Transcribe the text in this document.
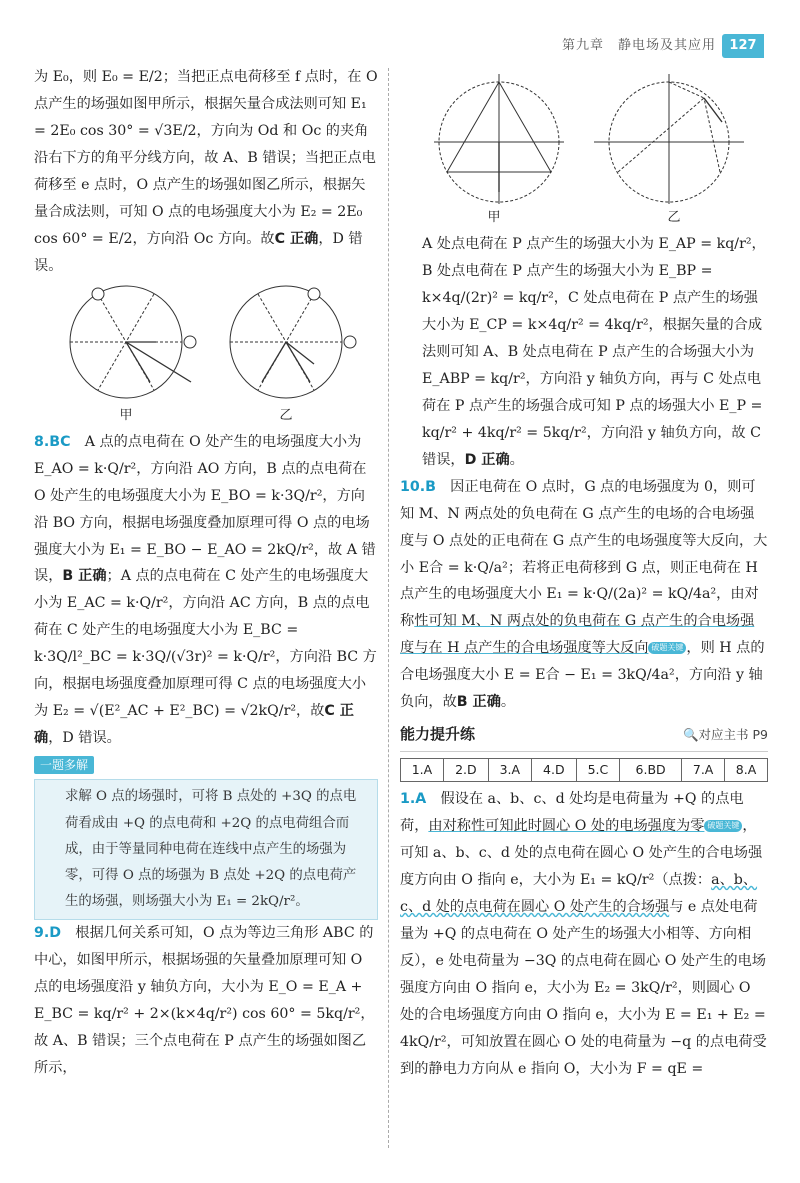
第九章　静电场及其应用	127

为 E₀，则 E₀ = E/2；当把正点电荷移至 f 点时，在 O 点产生的场强如图甲所示，根据矢量合成法则可知 E₁ = 2E₀ cos 30° = √3E/2，方向为 Od 和 Oc 的夹角沿右下方的角平分线方向，故 A、B 错误；当把正点电荷移至 e 点时，O 点产生的场强如图乙所示，根据矢量合成法则，可知 O 点的电场强度大小为 E₂ = 2E₀ cos 60° = E/2，方向沿 Oc 方向。故C 正确，D 错误。

甲	乙

8.BC　 A 点的点电荷在 O 处产生的电场强度大小为 E_AO = k·Q/r²，方向沿 AO 方向，B 点的点电荷在 O 处产生的电场强度大小为 E_BO = k·3Q/r²，方向沿 BO 方向，根据电场强度叠加原理可得 O 点的电场强度大小为 E₁ = E_BO − E_AO = 2kQ/r²，故 A 错误，B 正确；A 点的点电荷在 C 处产生的电场强度大小为 E_AC = k·Q/r²，方向沿 AC 方向，B 点的点电荷在 C 处产生的电场强度大小为 E_BC = k·3Q/l²_BC = k·3Q/(√3r)² = k·Q/r²，方向沿 BC 方向，根据电场强度叠加原理可得 C 点的电场强度大小为 E₂ = √(E²_AC + E²_BC) = √2kQ/r²，故C 正确，D 错误。

一题多解

求解 O 点的场强时，可将 B 点处的 +3Q 的点电荷看成由 +Q 的点电荷和 +2Q 的点电荷组合而成，由于等量同种电荷在连线中点产生的场强为零，可得 O 点的场强为 B 点处 +2Q 的点电荷产生的场强，则场强大小为 E₁ = 2kQ/r²。

9.D　 根据几何关系可知，O 点为等边三角形 ABC 的中心，如图甲所示，根据场强的矢量叠加原理可知 O 点的电场强度沿 y 轴负方向，大小为 E_O = E_A + E_BC = kq/r² + 2×(k×4q/r²) cos 60° = 5kq/r²，故 A、B 错误；三个点电荷在 P 点产生的场强如图乙所示，

甲	乙

A 处点电荷在 P 点产生的场强大小为 E_AP = kq/r²，B 处点电荷在 P 点产生的场强大小为 E_BP = k×4q/(2r)² = kq/r²，C 处点电荷在 P 点产生的场强大小为 E_CP = k×4q/r² = 4kq/r²，根据矢量的合成法则可知 A、B 处点电荷在 P 点产生的合场强大小为 E_ABP = kq/r²，方向沿 y 轴负方向，再与 C 处点电荷在 P 点产生的场强合成可知 P 点的场强大小 E_P = kq/r² + 4kq/r² = 5kq/r²，方向沿 y 轴负方向，故 C 错误，D 正确。

10.B　 因正电荷在 O 点时，G 点的电场强度为 0，则可知 M、N 两点处的负电荷在 G 点产生的电场的合电场强度与 O 点处的正电荷在 G 点产生的电场强度等大反向，大小 E合 = k·Q/a²；若将正电荷移到 G 点，则正电荷在 H 点产生的电场强度大小 E₁ = k·Q/(2a)² = kQ/4a²，由对称性可知 M、N 两点处的负电荷在 G 点产生的合电场强度与在 H 点产生的合电场强度等大反向 破题关键 ，则 H 点的合电场强度大小 E = E合 − E₁ = 3kQ/4a²，方向沿 y 轴负向，故B 正确。

能力提升练	🔍对应主书 P9
1.A	2.D	3.A	4.D	5.C	6.BD	7.A	8.A

1.A　 假设在 a、b、c、d 处均是电荷量为 +Q 的点电荷，由对称性可知此时圆心 O 处的电场强度为零 破题关键 ，可知 a、b、c、d 处的点电荷在圆心 O 处产生的合电场强度方向由 O 指向 e，大小为 E₁ = kQ/r²（点拨：a、b、c、d 处的点电荷在圆心 O 处产生的合场强与 e 点处电荷量为 +Q 的点电荷在 O 处产生的场强大小相等、方向相反），e 处电荷量为 −3Q 的点电荷在圆心 O 处产生的电场强度方向由 O 指向 e，大小为 E₂ = 3kQ/r²，则圆心 O 处的合电场强度方向由 O 指向 e，大小为 E = E₁ + E₂ = 4kQ/r²，可知放置在圆心 O 处的电荷量为 −q 的点电荷受到的静电力方向从 e 指向 O，大小为 F = qE =
